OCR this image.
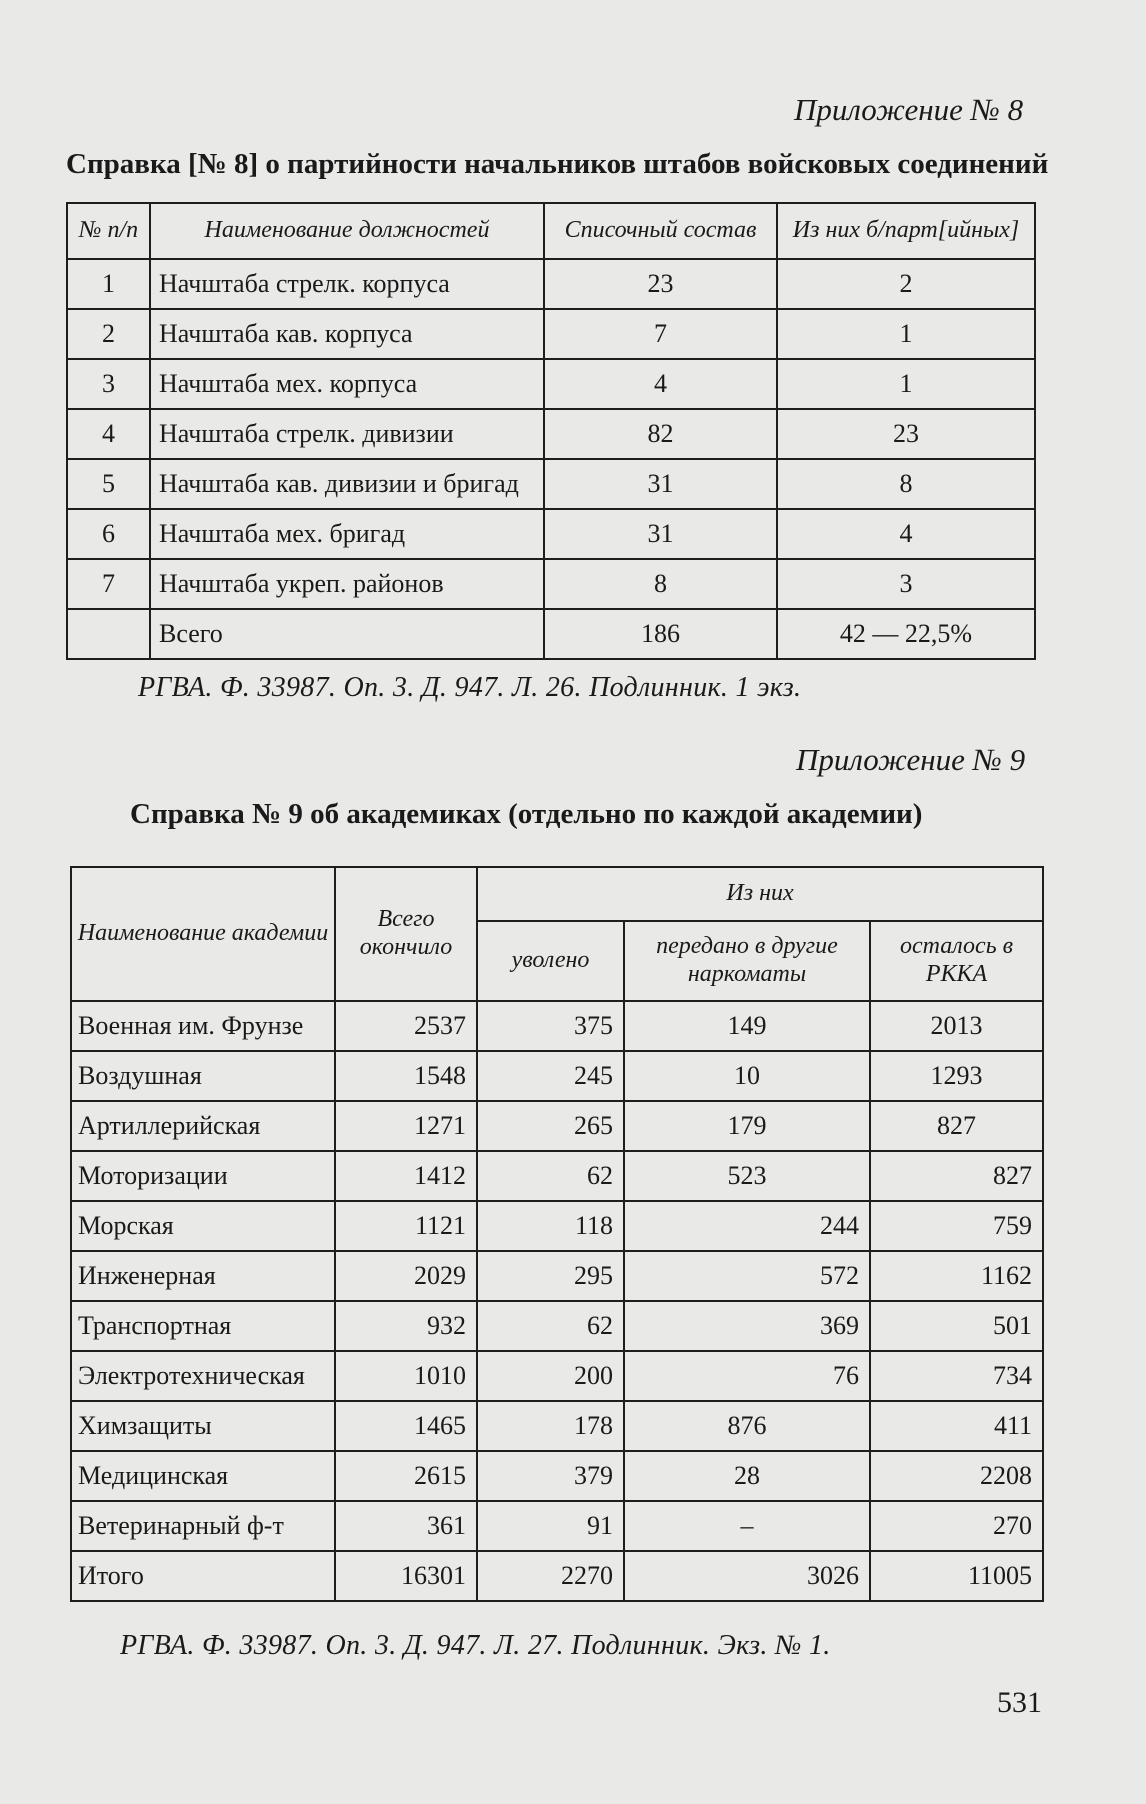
Приложение № 8
Справка [№ 8] о партийности начальников штабов войсковых соединений
№ п/п	Наименование должностей	Списочный состав	Из них б/парт[ийных]
1	Начштаба стрелк. корпуса	23	2
2	Начштаба кав. корпуса	7	1
3	Начштаба мех. корпуса	4	1
4	Начштаба стрелк. дивизии	82	23
5	Начштаба кав. дивизии и бригад	31	8
6	Начштаба мех. бригад	31	4
7	Начштаба укреп. районов	8	3
	Всего	186	42 — 22,5%
РГВА. Ф. 33987. Оп. 3. Д. 947. Л. 26. Подлинник. 1 экз.
Приложение № 9
Справка № 9 об академиках (отдельно по каждой академии)
Наименование академии	Всего окончило	Из них		
		уволено	передано в другие наркоматы	осталось в РККА
Военная им. Фрунзе	2537	375	149	2013
Воздушная	1548	245	10	1293
Артиллерийская	1271	265	179	827
Моторизации	1412	62	523	827
Морская	1121	118	244	759
Инженерная	2029	295	572	1162
Транспортная	932	62	369	501
Электротехническая	1010	200	76	734
Химзащиты	1465	178	876	411
Медицинская	2615	379	28	2208
Ветеринарный ф-т	361	91	–	270
Итого	16301	2270	3026	11005
РГВА. Ф. 33987. Оп. 3. Д. 947. Л. 27. Подлинник. Экз. № 1.
531
